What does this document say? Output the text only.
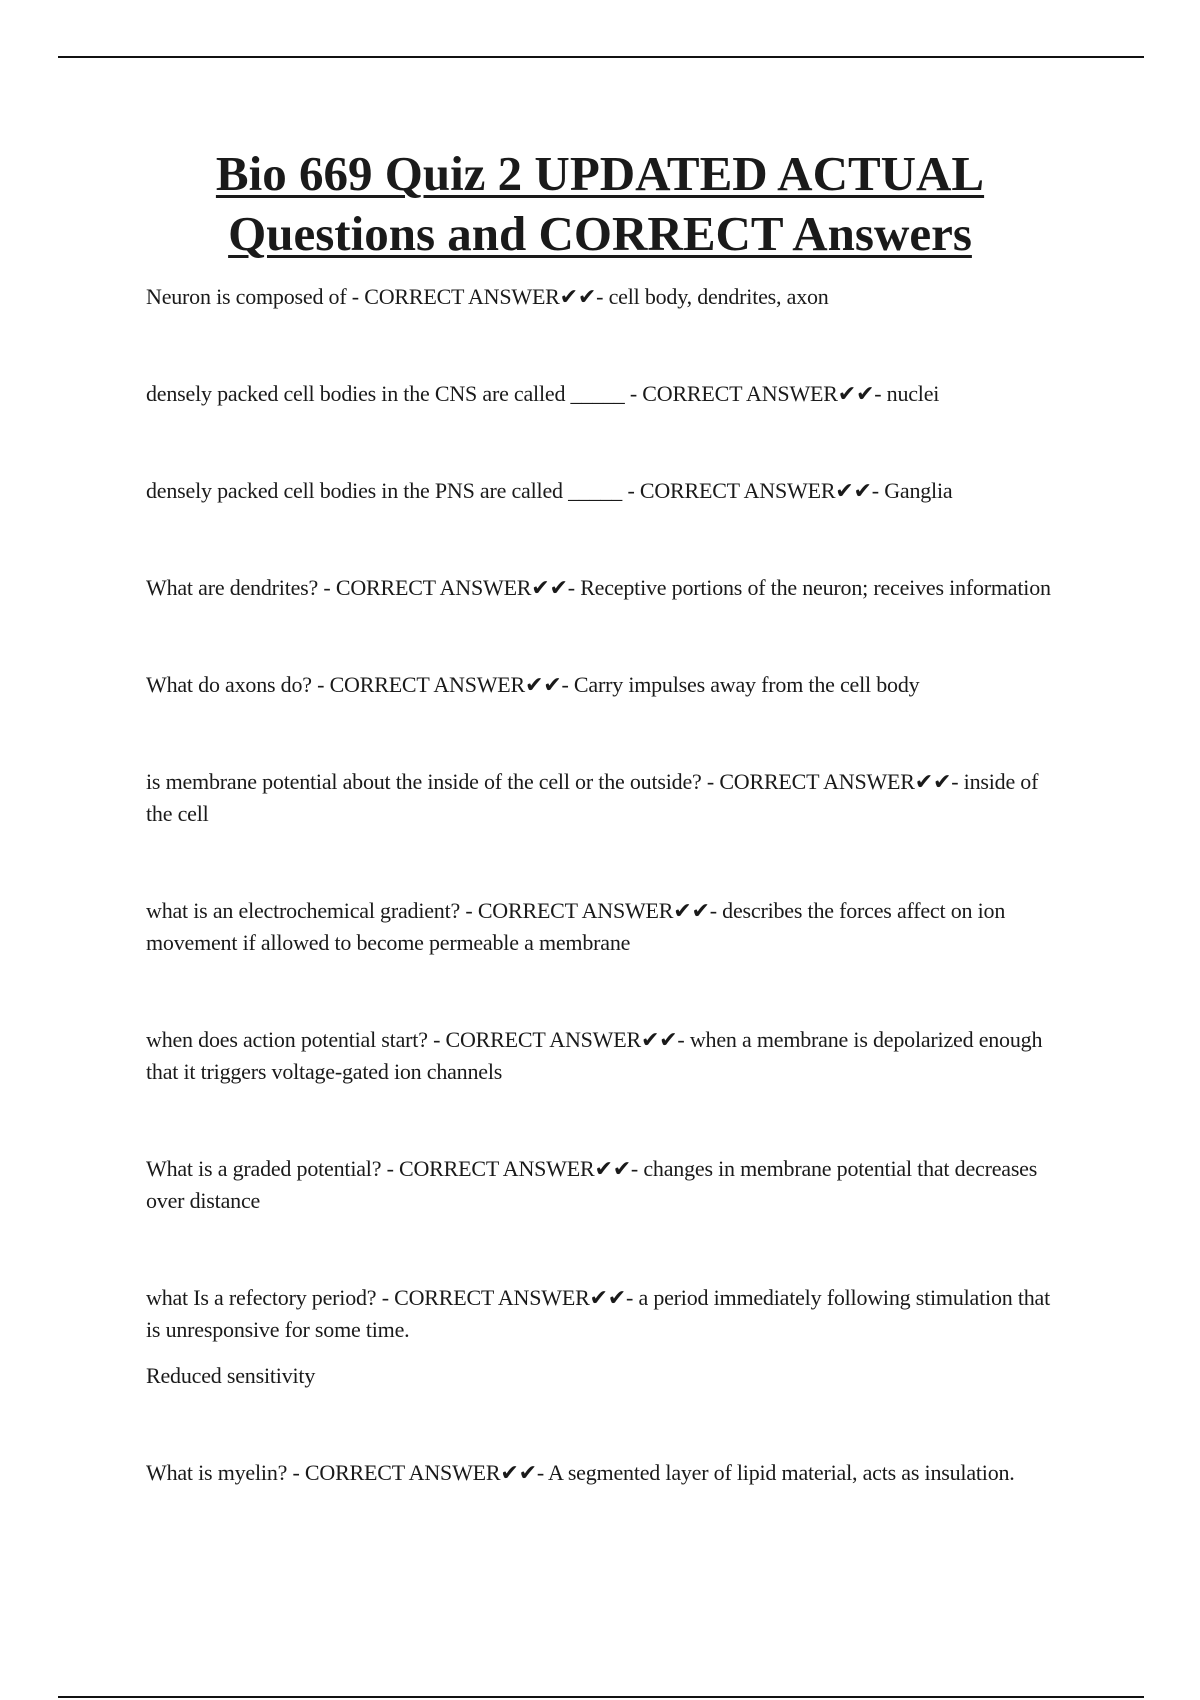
Bio 669 Quiz 2 UPDATED ACTUAL
Questions and CORRECT Answers

Neuron is composed of - CORRECT ANSWER✔✔- cell body, dendrites, axon

densely packed cell bodies in the CNS are called _____ - CORRECT ANSWER✔✔- nuclei

densely packed cell bodies in the PNS are called _____ - CORRECT ANSWER✔✔- Ganglia

What are dendrites? - CORRECT ANSWER✔✔- Receptive portions of the neuron; receives information

What do axons do? - CORRECT ANSWER✔✔- Carry impulses away from the cell body

is membrane potential about the inside of the cell or the outside? - CORRECT ANSWER✔✔- inside of the cell

what is an electrochemical gradient? - CORRECT ANSWER✔✔- describes the forces affect on ion movement if allowed to become permeable a membrane

when does action potential start? - CORRECT ANSWER✔✔- when a membrane is depolarized enough that it triggers voltage-gated ion channels

What is a graded potential? - CORRECT ANSWER✔✔- changes in membrane potential that decreases over distance

what Is a refectory period? - CORRECT ANSWER✔✔- a period immediately following stimulation that is unresponsive for some time.

Reduced sensitivity

What is myelin? - CORRECT ANSWER✔✔- A segmented layer of lipid material, acts as insulation.
